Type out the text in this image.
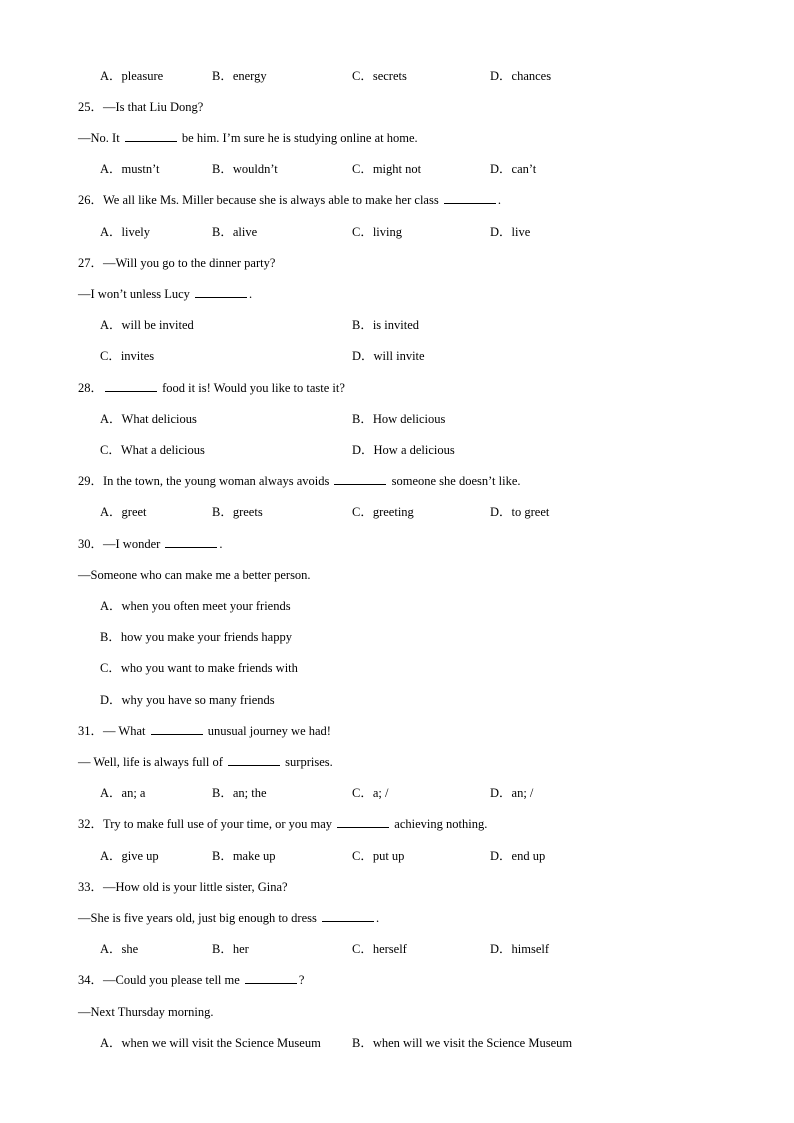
A．pleasure	B．energy	C．secrets	D．chances
25．—Is that Liu Dong?
—No. It	be him. I’m sure he is studying online at home.
A．mustn’t	B．wouldn’t	C．might not	D．can’t
26．We all like Ms. Miller because she is always able to make her class	.
A．lively	B．alive	C．living	D．live
27．—Will you go to the dinner party?
—I won’t unless Lucy	.
A．will be invited	B．is invited
C．invites	D．will invite
28．	food it is! Would you like to taste it?
A．What delicious	B．How delicious
C．What a delicious	D．How a delicious
29．In the town, the young woman always avoids	someone she doesn’t like.
A．greet	B．greets	C．greeting	D．to greet
30．—I wonder	.
—Someone who can make me a better person.
A．when you often meet your friends
B．how you make your friends happy
C．who you want to make friends with
D．why you have so many friends
31．— What	unusual journey we had!
— Well, life is always full of	surprises.
A．an; a	B．an; the	C．a; /	D．an; /
32．Try to make full use of your time, or you may	achieving nothing.
A．give up	B．make up	C．put up	D．end up
33．—How old is your little sister, Gina?
—She is five years old, just big enough to dress	.
A．she	B．her	C．herself	D．himself
34．—Could you please tell me	?
—Next Thursday morning.
A．when we will visit the Science Museum B．when will we visit the Science Museum
